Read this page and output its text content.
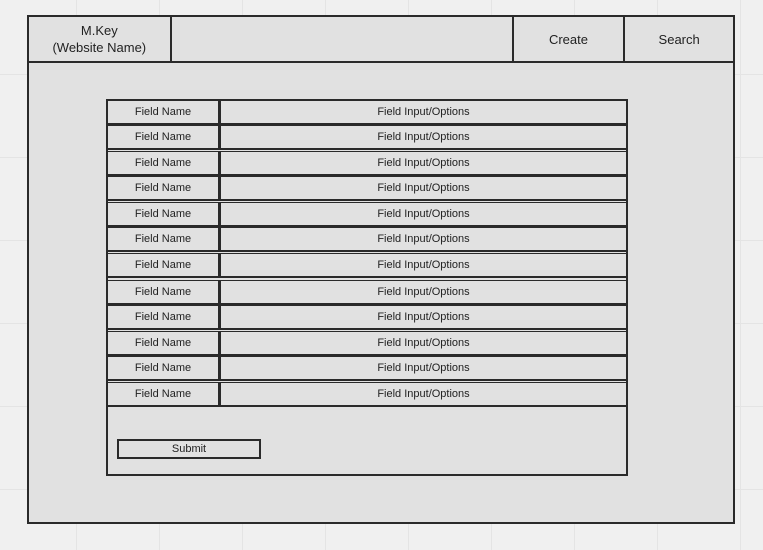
M.Key
(Website Name)
Create	Search
Field Name	Field Input/Options
Field Name	Field Input/Options
Field Name	Field Input/Options
Field Name	Field Input/Options
Field Name	Field Input/Options
Field Name	Field Input/Options
Field Name	Field Input/Options
Field Name	Field Input/Options
Field Name	Field Input/Options
Field Name	Field Input/Options
Field Name	Field Input/Options
Field Name	Field Input/Options
Submit
